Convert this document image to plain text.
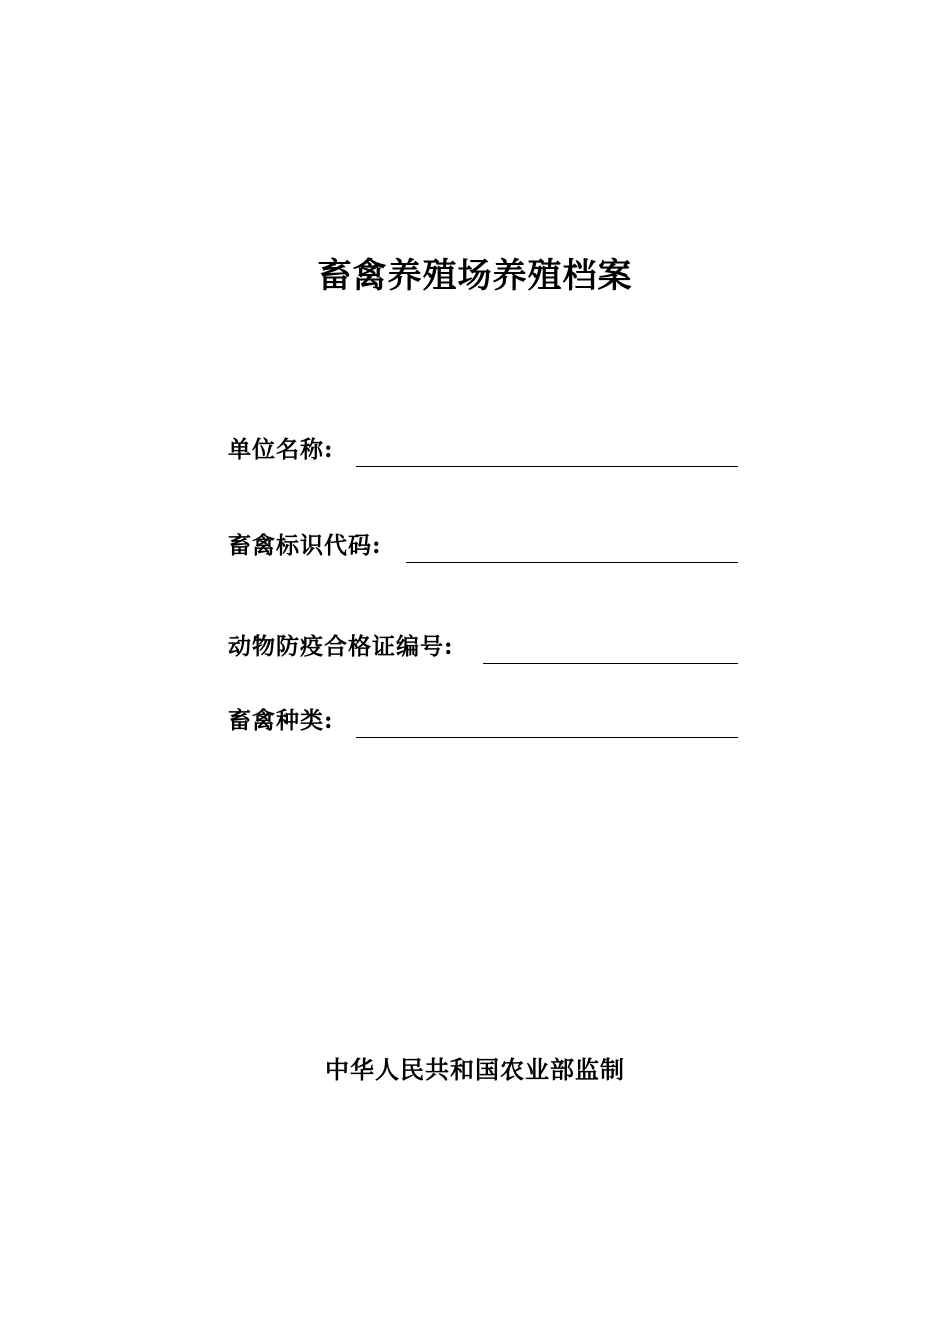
畜禽养殖场养殖档案
单位名称:
畜禽标识代码:
动物防疫合格证编号:
畜禽种类:
中华人民共和国农业部监制
